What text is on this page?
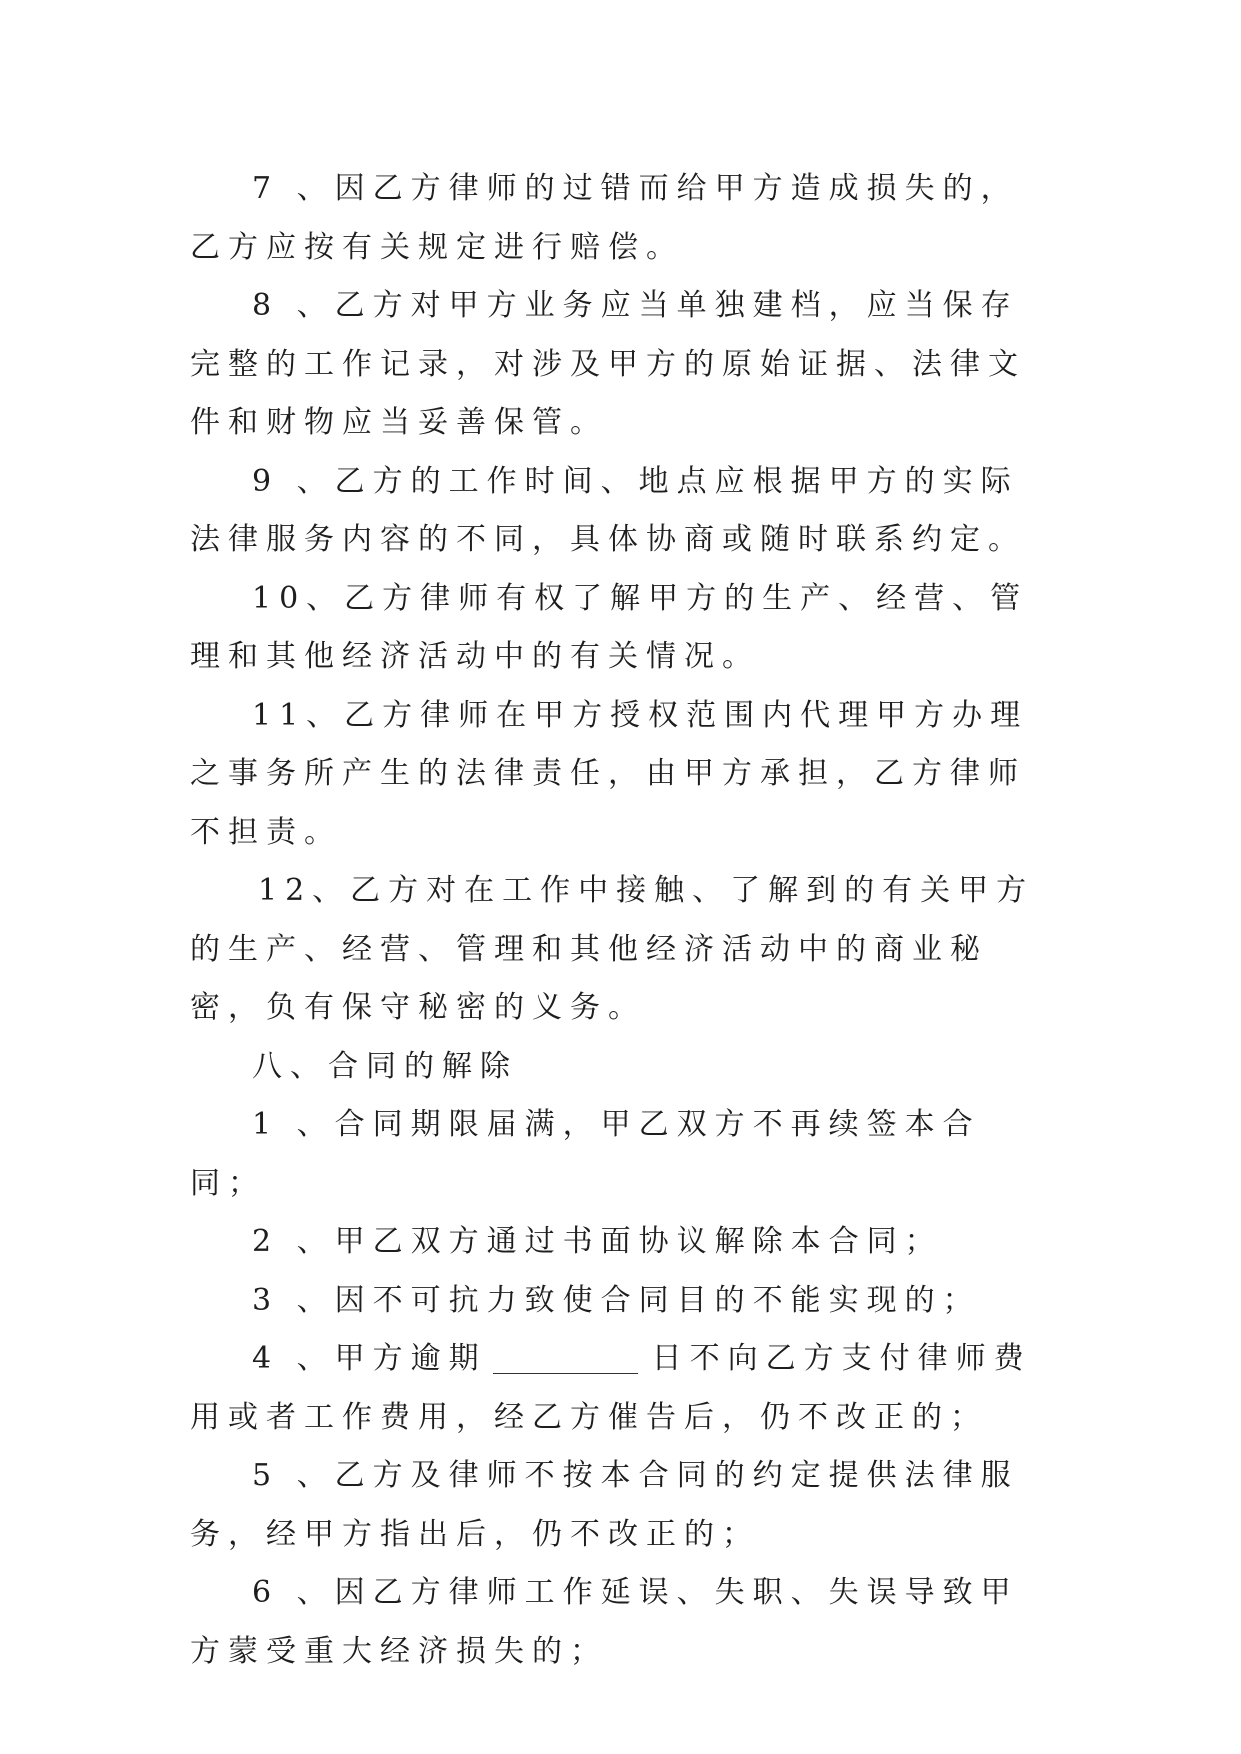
7 、因乙方律师的过错而给甲方造成损失的，乙方应按有关规定进行赔偿。

8 、乙方对甲方业务应当单独建档，应当保存完整的工作记录，对涉及甲方的原始证据、法律文件和财物应当妥善保管。

9 、乙方的工作时间、地点应根据甲方的实际法律服务内容的不同，具体协商或随时联系约定。

10、乙方律师有权了解甲方的生产、经营、管理和其他经济活动中的有关情况。

11、乙方律师在甲方授权范围内代理甲方办理之事务所产生的法律责任，由甲方承担，乙方律师不担责。

12、乙方对在工作中接触、了解到的有关甲方的生产、经营、管理和其他经济活动中的商业秘密，负有保守秘密的义务。

八、合同的解除

1 、合同期限届满，甲乙双方不再续签本合同；

2 、甲乙双方通过书面协议解除本合同；

3 、因不可抗力致使合同目的不能实现的；

4 、甲方逾期	日不向乙方支付律师费用或者工作费用，经乙方催告后，仍不改正的；

5 、乙方及律师不按本合同的约定提供法律服务，经甲方指出后，仍不改正的；

6 、因乙方律师工作延误、失职、失误导致甲方蒙受重大经济损失的；
